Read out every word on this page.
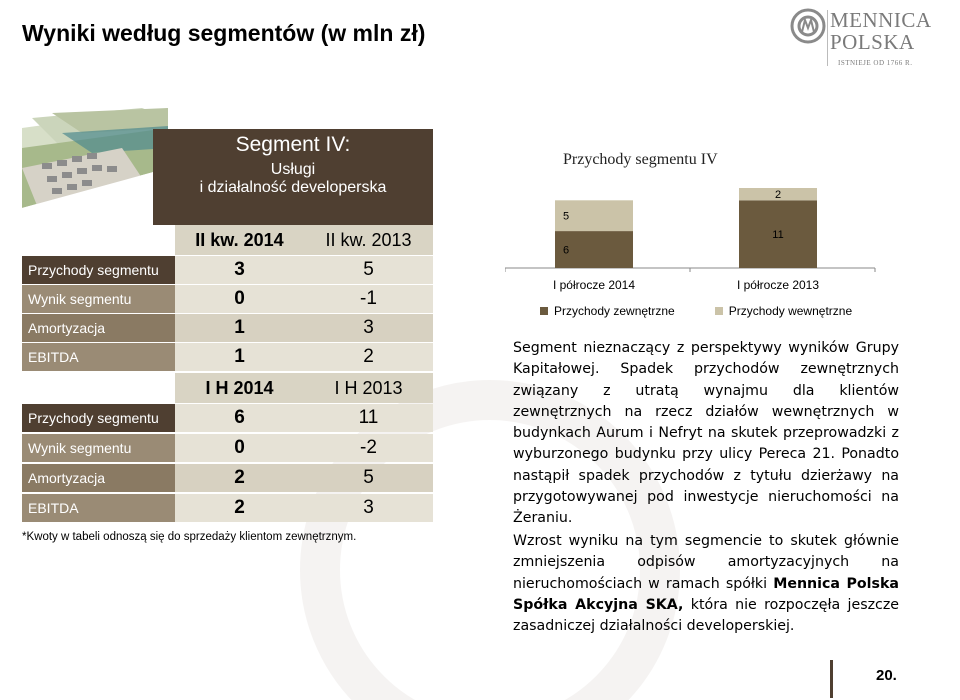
Wyniki według segmentów (w mln zł)	MENNICA
POLSKA
ISTNIEJE OD 1766 R.
Segment IV:
Usługi
i działalność developerska
II kw. 2014	II kw. 2013
Przychody segmentu	3	5
Wynik segmentu	0	-1
Amortyzacja	1	3
EBITDA	1	2
I H 2014	I H 2013
Przychody segmentu	6	11
Wynik segmentu	0	-2
Amortyzacja	2	5
EBITDA	2	3
*Kwoty w tabeli odnoszą się do sprzedaży klientom zewnętrznym.
Przychody segmentu IV
6
5
I półrocze 2014
11
2
I półrocze 2013
Przychody zewnętrzne	Przychody wewnętrzne
Segment nieznaczący z perspektywy wyników Grupy Kapitałowej. Spadek przychodów zewnętrznych związany z utratą wynajmu dla klientów zewnętrznych na rzecz działów wewnętrznych w budynkach Aurum i Nefryt na skutek przeprowadzki z wyburzonego budynku przy ulicy Pereca 21. Ponadto nastąpił spadek przychodów z tytułu dzierżawy na przygotowywanej pod inwestycje nieruchomości na Żeraniu.
Wzrost wyniku na tym segmencie to skutek głównie zmniejszenia odpisów amortyzacyjnych na nieruchomościach w ramach spółki Mennica Polska Spółka Akcyjna SKA, która nie rozpoczęła jeszcze zasadniczej działalności developerskiej.
20.
